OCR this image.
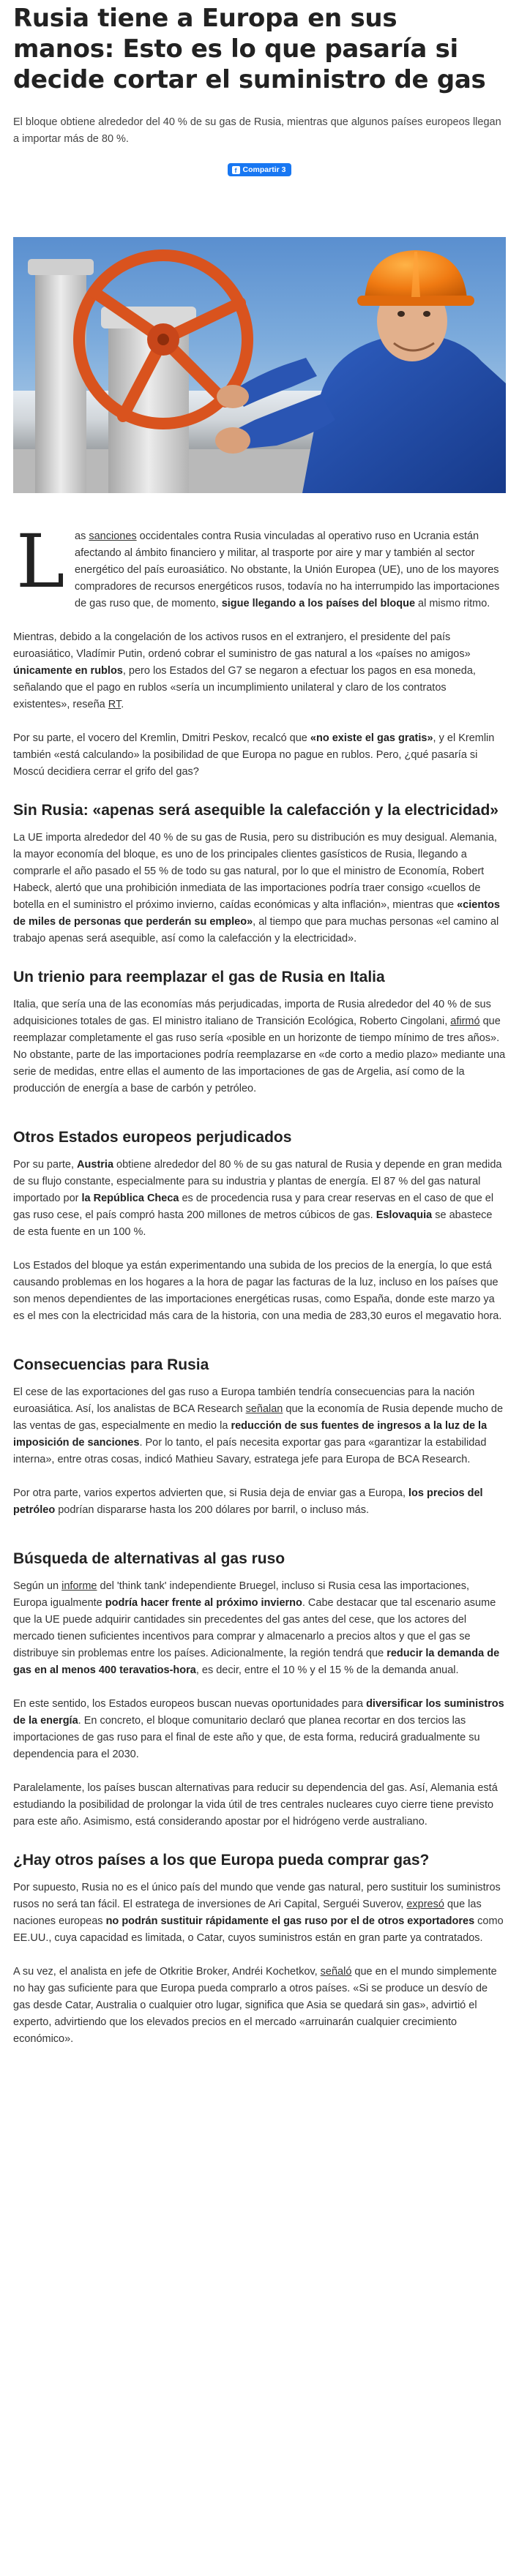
Rusia tiene a Europa en sus manos: Esto es lo que pasaría si decide cortar el suministro de gas

El bloque obtiene alrededor del 40 % de su gas de Rusia, mientras que algunos países europeos llegan a importar más de 80 %.

f Compartir 3
L as sanciones occidentales contra Rusia vinculadas al operativo ruso en Ucrania están afectando al ámbito financiero y militar, al trasporte por aire y mar y también al sector energético del país euroasiático. No obstante, la Unión Europea (UE), uno de los mayores compradores de recursos energéticos rusos, todavía no ha interrumpido las importaciones de gas ruso que, de momento, sigue llegando a los países del bloque al mismo ritmo.

Mientras, debido a la congelación de los activos rusos en el extranjero, el presidente del país euroasiático, Vladímir Putin, ordenó cobrar el suministro de gas natural a los «países no amigos» únicamente en rublos, pero los Estados del G7 se negaron a efectuar los pagos en esa moneda, señalando que el pago en rublos «sería un incumplimiento unilateral y claro de los contratos existentes», reseña RT.

Por su parte, el vocero del Kremlin, Dmitri Peskov, recalcó que «no existe el gas gratis», y el Kremlin también «está calculando» la posibilidad de que Europa no pague en rublos. Pero, ¿qué pasaría si Moscú decidiera cerrar el grifo del gas?

Sin Rusia: «apenas será asequible la calefacción y la electricidad»

La UE importa alrededor del 40 % de su gas de Rusia, pero su distribución es muy desigual. Alemania, la mayor economía del bloque, es uno de los principales clientes gasísticos de Rusia, llegando a comprarle el año pasado el 55 % de todo su gas natural, por lo que el ministro de Economía, Robert Habeck, alertó que una prohibición inmediata de las importaciones podría traer consigo «cuellos de botella en el suministro el próximo invierno, caídas económicas y alta inflación», mientras que «cientos de miles de personas que perderán su empleo», al tiempo que para muchas personas «el camino al trabajo apenas será asequible, así como la calefacción y la electricidad».

Un trienio para reemplazar el gas de Rusia en Italia

Italia, que sería una de las economías más perjudicadas, importa de Rusia alrededor del 40 % de sus adquisiciones totales de gas. El ministro italiano de Transición Ecológica, Roberto Cingolani, afirmó que reemplazar completamente el gas ruso sería «posible en un horizonte de tiempo mínimo de tres años». No obstante, parte de las importaciones podría reemplazarse en «de corto a medio plazo» mediante una serie de medidas, entre ellas el aumento de las importaciones de gas de Argelia, así como de la producción de energía a base de carbón y petróleo.

Otros Estados europeos perjudicados

Por su parte, Austria obtiene alrededor del 80 % de su gas natural de Rusia y depende en gran medida de su flujo constante, especialmente para su industria y plantas de energía. El 87 % del gas natural importado por la República Checa es de procedencia rusa y para crear reservas en el caso de que el gas ruso cese, el país compró hasta 200 millones de metros cúbicos de gas. Eslovaquia se abastece de esta fuente en un 100 %.

Los Estados del bloque ya están experimentando una subida de los precios de la energía, lo que está causando problemas en los hogares a la hora de pagar las facturas de la luz, incluso en los países que son menos dependientes de las importaciones energéticas rusas, como España, donde este marzo ya es el mes con la electricidad más cara de la historia, con una media de 283,30 euros el megavatio hora.

Consecuencias para Rusia

El cese de las exportaciones del gas ruso a Europa también tendría consecuencias para la nación euroasiática. Así, los analistas de BCA Research señalan que la economía de Rusia depende mucho de las ventas de gas, especialmente en medio la reducción de sus fuentes de ingresos a la luz de la imposición de sanciones. Por lo tanto, el país necesita exportar gas para «garantizar la estabilidad interna», entre otras cosas, indicó Mathieu Savary, estratega jefe para Europa de BCA Research.

Por otra parte, varios expertos advierten que, si Rusia deja de enviar gas a Europa, los precios del petróleo podrían dispararse hasta los 200 dólares por barril, o incluso más.

Búsqueda de alternativas al gas ruso

Según un informe del 'think tank' independiente Bruegel, incluso si Rusia cesa las importaciones, Europa igualmente podría hacer frente al próximo invierno. Cabe destacar que tal escenario asume que la UE puede adquirir cantidades sin precedentes del gas antes del cese, que los actores del mercado tienen suficientes incentivos para comprar y almacenarlo a precios altos y que el gas se distribuye sin problemas entre los países. Adicionalmente, la región tendrá que reducir la demanda de gas en al menos 400 teravatios-hora, es decir, entre el 10 % y el 15 % de la demanda anual.

En este sentido, los Estados europeos buscan nuevas oportunidades para diversificar los suministros de la energía. En concreto, el bloque comunitario declaró que planea recortar en dos tercios las importaciones de gas ruso para el final de este año y que, de esta forma, reducirá gradualmente su dependencia para el 2030.

Paralelamente, los países buscan alternativas para reducir su dependencia del gas. Así, Alemania está estudiando la posibilidad de prolongar la vida útil de tres centrales nucleares cuyo cierre tiene previsto para este año. Asimismo, está considerando apostar por el hidrógeno verde australiano.

¿Hay otros países a los que Europa pueda comprar gas?

Por supuesto, Rusia no es el único país del mundo que vende gas natural, pero sustituir los suministros rusos no será tan fácil. El estratega de inversiones de Ari Capital, Serguéi Suverov, expresó que las naciones europeas no podrán sustituir rápidamente el gas ruso por el de otros exportadores como EE.UU., cuya capacidad es limitada, o Catar, cuyos suministros están en gran parte ya contratados.

A su vez, el analista en jefe de Otkritie Broker, Andréi Kochetkov, señaló que en el mundo simplemente no hay gas suficiente para que Europa pueda comprarlo a otros países. «Si se produce un desvío de gas desde Catar, Australia o cualquier otro lugar, significa que Asia se quedará sin gas», advirtió el experto, advirtiendo que los elevados precios en el mercado «arruinarán cualquier crecimiento económico».
